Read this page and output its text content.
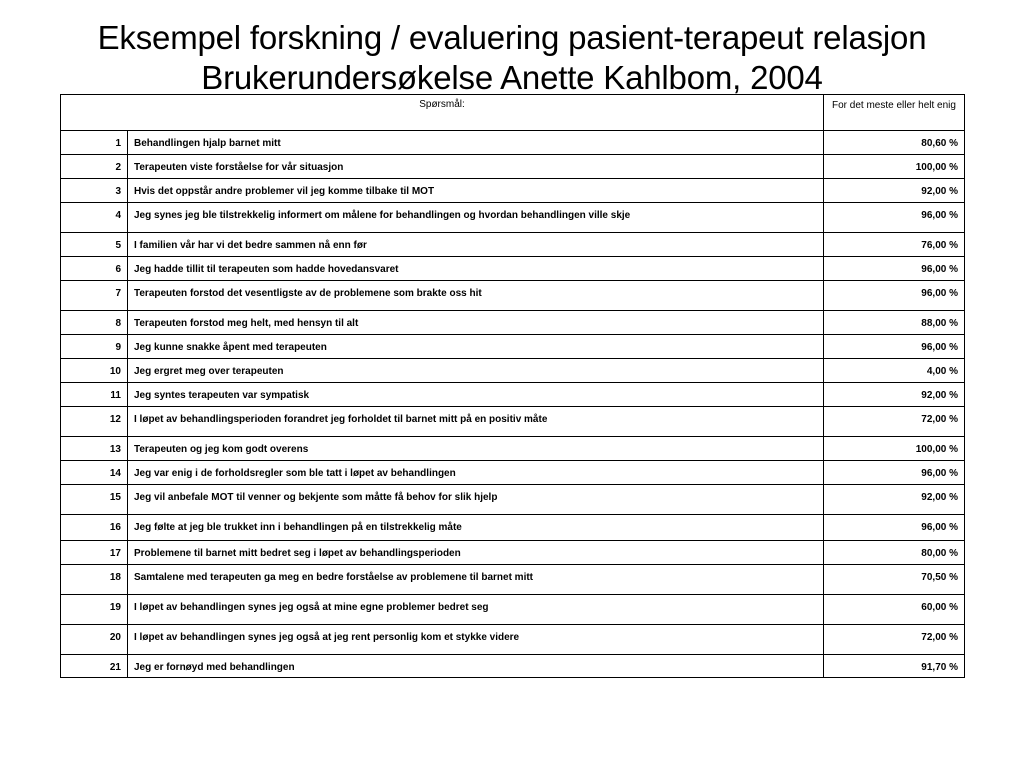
Eksempel forskning / evaluering pasient-terapeut relasjon
Brukerundersøkelse Anette Kahlbom, 2004
Spørsmål:		For det meste eller helt enig
1	Behandlingen hjalp barnet mitt	80,60 %
2	Terapeuten viste forståelse for vår situasjon	100,00 %
3	Hvis det oppstår andre problemer vil jeg komme tilbake til MOT	92,00 %
4	Jeg synes jeg ble tilstrekkelig informert om målene for behandlingen og hvordan behandlingen ville skje	96,00 %
5	I familien vår har vi det bedre sammen nå enn før	76,00 %
6	Jeg hadde tillit til terapeuten som hadde hovedansvaret	96,00 %
7	Terapeuten forstod det vesentligste av de problemene som brakte oss hit	96,00 %
8	Terapeuten forstod meg helt, med hensyn til alt	88,00 %
9	Jeg kunne snakke åpent med terapeuten	96,00 %
10	Jeg ergret meg over terapeuten	4,00 %
11	Jeg syntes terapeuten var sympatisk	92,00 %
12	I løpet av behandlingsperioden forandret jeg forholdet til barnet mitt på en positiv måte	72,00 %
13	Terapeuten og jeg kom godt overens	100,00 %
14	Jeg var enig i de forholdsregler som ble tatt i løpet av behandlingen	96,00 %
15	Jeg vil anbefale MOT til venner og bekjente som måtte få behov for slik hjelp	92,00 %
16	Jeg følte at jeg ble trukket inn i behandlingen på en tilstrekkelig måte	96,00 %
17	Problemene til barnet mitt bedret seg i løpet av behandlingsperioden	80,00 %
18	Samtalene med terapeuten ga meg en bedre forståelse av problemene til barnet mitt	70,50 %
19	I løpet av behandlingen synes jeg også at mine egne problemer bedret seg	60,00 %
20	I løpet av behandlingen synes jeg også at jeg rent personlig kom et stykke videre	72,00 %
21	Jeg er fornøyd med behandlingen	91,70 %
